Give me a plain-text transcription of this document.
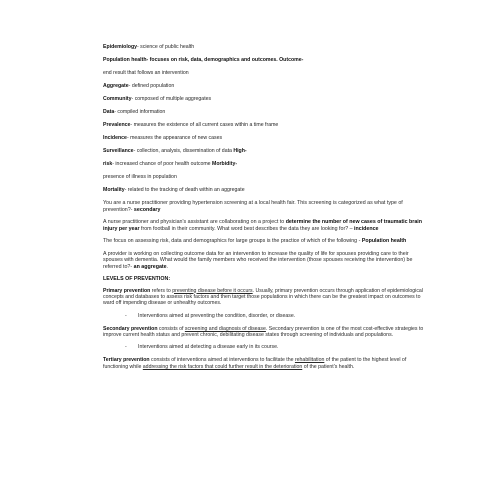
Epidemiology- science of public health

Population health- focuses on risk, data, demographics and outcomes. Outcome-

end result that follows an intervention

Aggregate- defined population

Community- composed of multiple aggregates

Data- compiled information

Prevalence- measures the existence of all current cases within a time frame

Incidence- measures the appearance of new cases

Surveillance- collection, analysis, dissemination of data High-

risk- increased chance of poor health outcome Morbidity-

presence of illness in population

Mortality- related to the tracking of death within an aggregate

You are a nurse practitioner providing hypertension screening at a local health fair. This screening is categorized as what type of prevention?- secondary

A nurse practitioner and physician's assistant are collaborating on a project to determine the number of new cases of traumatic brain injury per year from football in their community. What word best describes the data they are looking for? – incidence

The focus on assessing risk, data and demographics for large groups is the practice of which of the following - Population health

A provider is working on collecting outcome data for an intervention to increase the quality of life for spouses providing care to their spouses with dementia. What would the family members who received the intervention (those spouses receiving the intervention) be referred to?- an aggregate.

LEVELS OF PREVENTION:

Primary prevention refers to preventing disease before it occurs. Usually, primary prevention occurs through application of epidemiological concepts and databases to assess risk factors and then target those populations in which there can be the greatest impact on outcomes to ward off impending disease or unhealthy outcomes.

- Interventions aimed at preventing the condition, disorder, or disease.

Secondary prevention consists of screening and diagnosis of disease. Secondary prevention is one of the most cost-effective strategies to improve current health status and prevent chronic, debilitating disease states through screening of individuals and populations.

- Interventions aimed at detecting a disease early in its course.

Tertiary prevention consists of interventions aimed at interventions to facilitate the rehabilitation of the patient to the highest level of functioning while addressing the risk factors that could further result in the deterioration of the patient's health.
